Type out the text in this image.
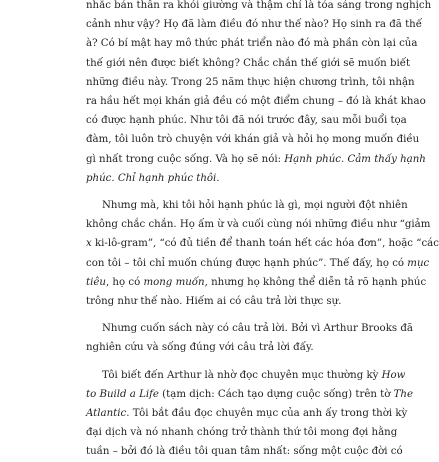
nhắc bản thân ra khỏi giường và thậm chí là tỏa sáng trong nghịch
cảnh như vậy? Họ đã làm điều đó như thế nào? Họ sinh ra đã thế
à? Có bí mật hay mô thức phát triển nào đó mà phần còn lại của
thế giới nên được biết không? Chắc chắn thế giới sẽ muốn biết
những điều này. Trong 25 năm thực hiện chương trình, tôi nhận
ra hầu hết mọi khán giả đều có một điểm chung – đó là khát khao
có được hạnh phúc. Như tôi đã nói trước đây, sau mỗi buổi tọa
đàm, tôi luôn trò chuyện với khán giả và hỏi họ mong muốn điều
gì nhất trong cuộc sống. Và họ sẽ nói: Hạnh phúc. Cảm thấy hạnh
phúc. Chỉ hạnh phúc thôi.
Nhưng mà, khi tôi hỏi hạnh phúc là gì, mọi người đột nhiên
không chắc chắn. Họ ấm ừ và cuối cùng nói những điều như “giảm
x ki-lô-gram”, “có đủ tiền để thanh toán hết các hóa đơn”, hoặc “các
con tôi – tôi chỉ muốn chúng được hạnh phúc”. Thế đấy, họ có mục
tiêu, họ có mong muốn, nhưng họ không thể diễn tả rõ hạnh phúc
trông như thế nào. Hiếm ai có câu trả lời thực sự.
Nhưng cuốn sách này có câu trả lời. Bởi vì Arthur Brooks đã
nghiên cứu và sống đúng với câu trả lời đấy.
Tôi biết đến Arthur là nhờ đọc chuyên mục thường kỳ How
to Build a Life (tạm dịch: Cách tạo dựng cuộc sống) trên tờ The
Atlantic. Tôi bắt đầu đọc chuyên mục của anh ấy trong thời kỳ
đại dịch và nó nhanh chóng trở thành thứ tôi mong đợi hằng
tuần – bởi đó là điều tôi quan tâm nhất: sống một cuộc đời có
